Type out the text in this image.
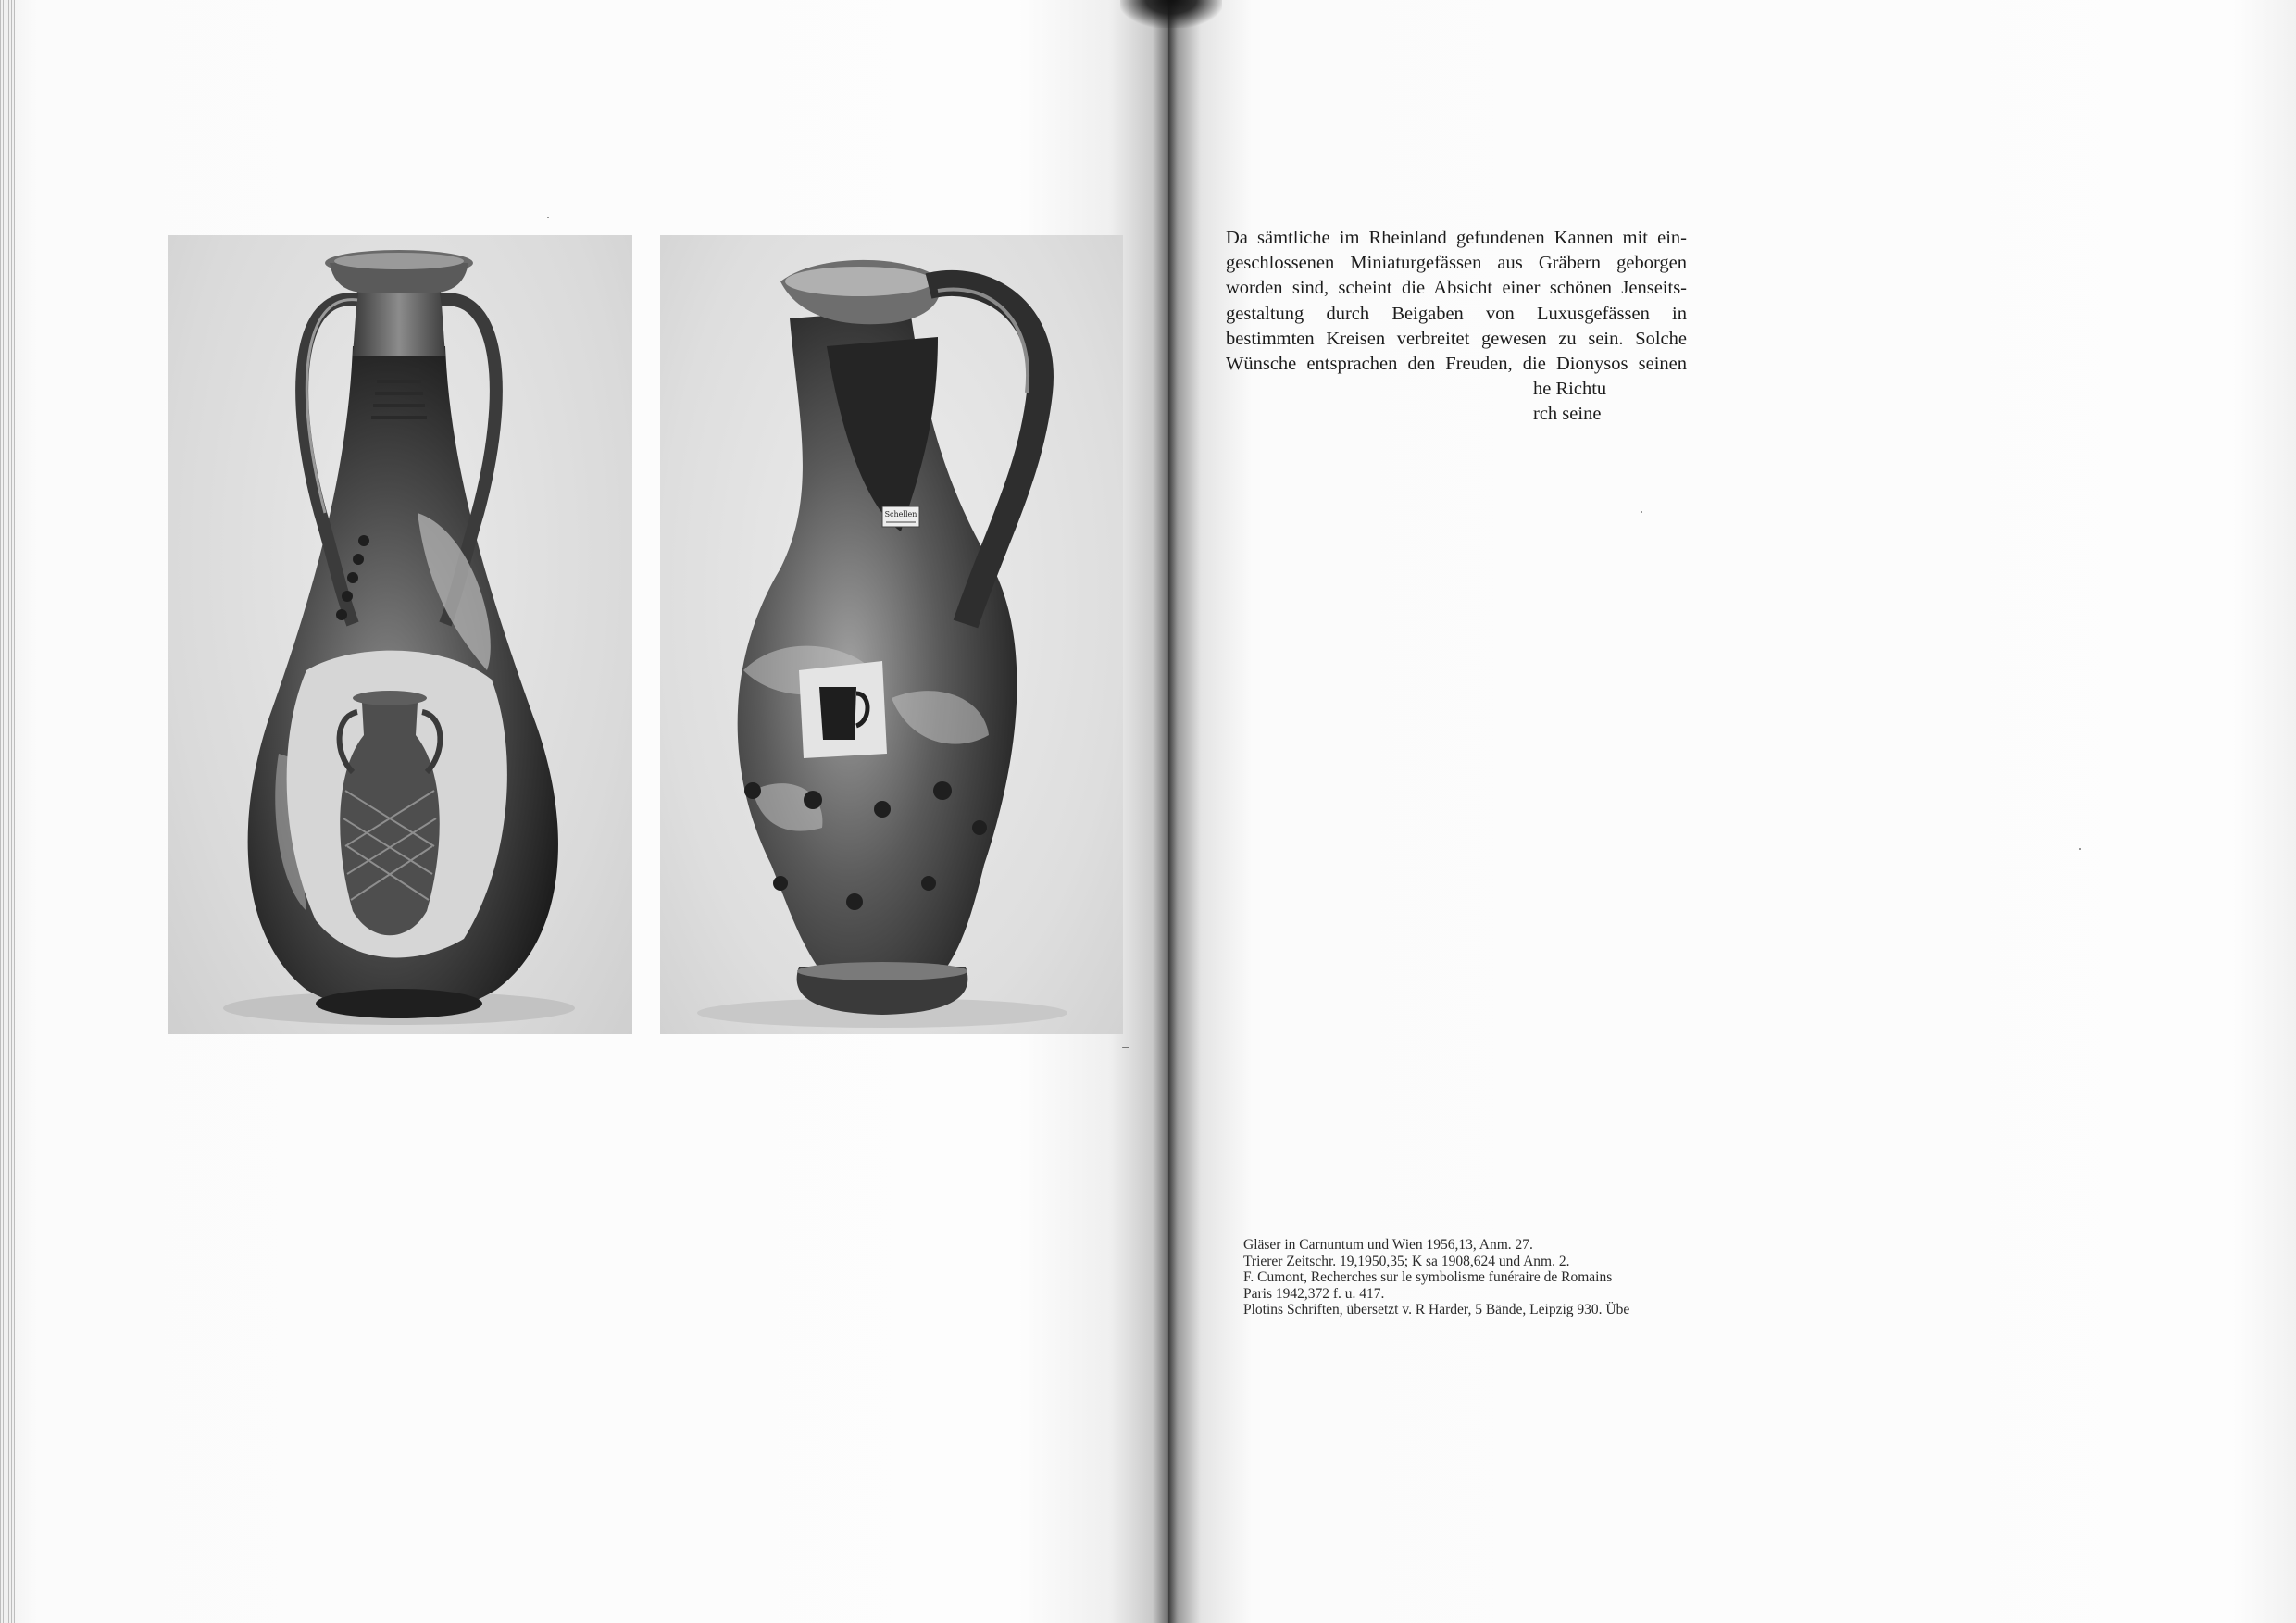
Schellen
Da sämtliche im Rheinland gefundenen Kannen mit ein-
geschlossenen Miniaturgefässen aus Gräbern geborgen
worden sind, scheint die Absicht einer schönen Jenseits-
gestaltung durch Beigaben von Luxusgefässen in
bestimmten Kreisen verbreitet gewesen zu sein. Solche
Wünsche entsprachen den Freuden, die Dionysos seinen
he Richtu
rch seine
Gläser in Carnuntum und Wien 1956,13, Anm. 27.
Trierer Zeitschr. 19,1950,35; K sa 1908,624 und Anm. 2.
F. Cumont, Recherches sur le symbolisme funéraire de Romains
Paris 1942,372 f. u. 417.
Plotins Schriften, übersetzt v. R Harder, 5 Bände, Leipzig 930. Übe
